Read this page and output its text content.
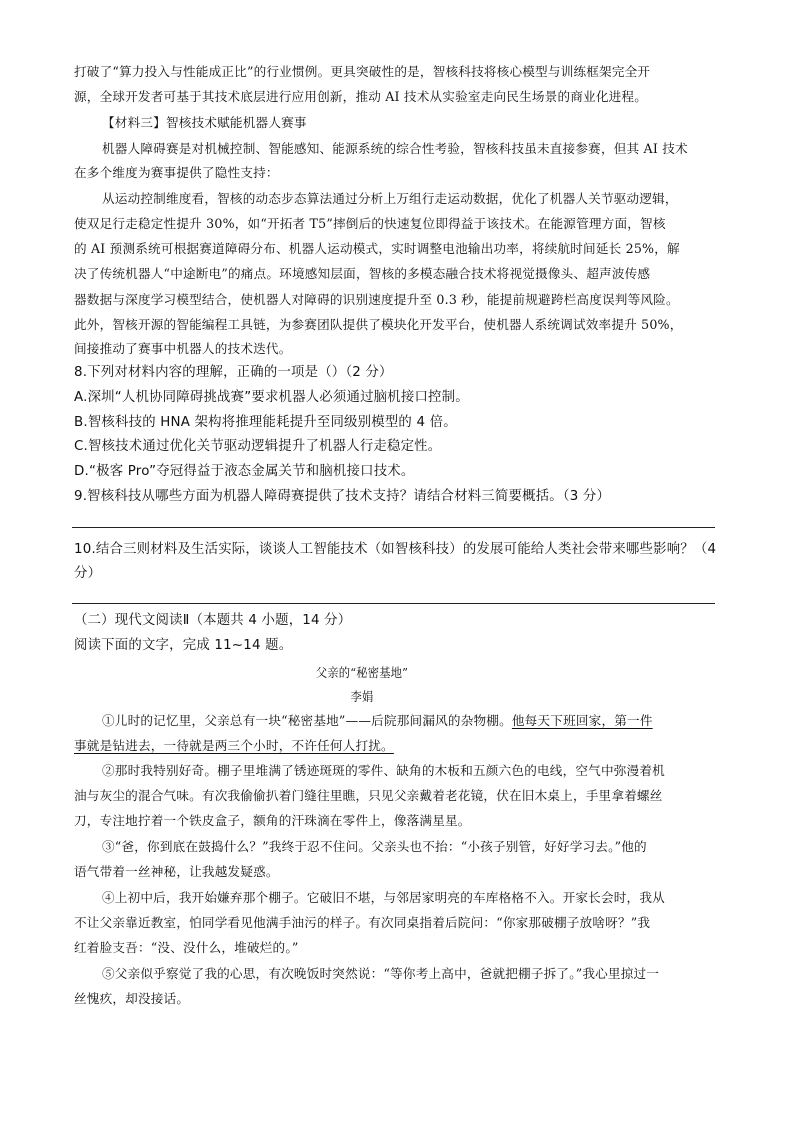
打破了“算力投入与性能成正比”的行业惯例。更具突破性的是，智核科技将核心模型与训练框架完全开
源，全球开发者可基于其技术底层进行应用创新，推动 AI 技术从实验室走向民生场景的商业化进程。
【材料三】智核技术赋能机器人赛事
机器人障碍赛是对机械控制、智能感知、能源系统的综合性考验，智核科技虽未直接参赛，但其 AI 技术
在多个维度为赛事提供了隐性支持：
从运动控制维度看，智核的动态步态算法通过分析上万组行走运动数据，优化了机器人关节驱动逻辑，
使双足行走稳定性提升 30%，如“开拓者 T5”摔倒后的快速复位即得益于该技术。在能源管理方面，智核
的 AI 预测系统可根据赛道障碍分布、机器人运动模式，实时调整电池输出功率，将续航时间延长 25%，解
决了传统机器人“中途断电”的痛点。环境感知层面，智核的多模态融合技术将视觉摄像头、超声波传感
器数据与深度学习模型结合，使机器人对障碍的识别速度提升至 0.3 秒，能提前规避跨栏高度误判等风险。
此外，智核开源的智能编程工具链，为参赛团队提供了模块化开发平台，使机器人系统调试效率提升 50%，
间接推动了赛事中机器人的技术迭代。
8.下列对材料内容的理解，正确的一项是（）（2 分）
A.深圳“人机协同障碍挑战赛”要求机器人必须通过脑机接口控制。
B.智核科技的 HNA 架构将推理能耗提升至同级别模型的 4 倍。
C.智核技术通过优化关节驱动逻辑提升了机器人行走稳定性。
D.“极客 Pro”夺冠得益于液态金属关节和脑机接口技术。
9.智核科技从哪些方面为机器人障碍赛提供了技术支持？请结合材料三简要概括。（3 分）
10.结合三则材料及生活实际，谈谈人工智能技术（如智核科技）的发展可能给人类社会带来哪些影响？（4
分）
（二）现代文阅读Ⅱ（本题共 4 小题，14 分）
阅读下面的文字，完成 11~14 题。
父亲的“秘密基地”
李娟
①儿时的记忆里，父亲总有一块“秘密基地”——后院那间漏风的杂物棚。他每天下班回家，第一件
事就是钻进去，一待就是两三个小时，不许任何人打扰。
②那时我特别好奇。棚子里堆满了锈迹斑斑的零件、缺角的木板和五颜六色的电线，空气中弥漫着机
油与灰尘的混合气味。有次我偷偷扒着门缝往里瞧，只见父亲戴着老花镜，伏在旧木桌上，手里拿着螺丝
刀，专注地拧着一个铁皮盒子，额角的汗珠滴在零件上，像落满星星。
③“爸，你到底在鼓捣什么？”我终于忍不住问。父亲头也不抬：“小孩子别管，好好学习去。”他的
语气带着一丝神秘，让我越发疑惑。
④上初中后，我开始嫌弃那个棚子。它破旧不堪，与邻居家明亮的车库格格不入。开家长会时，我从
不让父亲靠近教室，怕同学看见他满手油污的样子。有次同桌指着后院问：“你家那破棚子放啥呀？”我
红着脸支吾：“没、没什么，堆破烂的。”
⑤父亲似乎察觉了我的心思，有次晚饭时突然说：“等你考上高中，爸就把棚子拆了。”我心里掠过一
丝愧疚，却没接话。
